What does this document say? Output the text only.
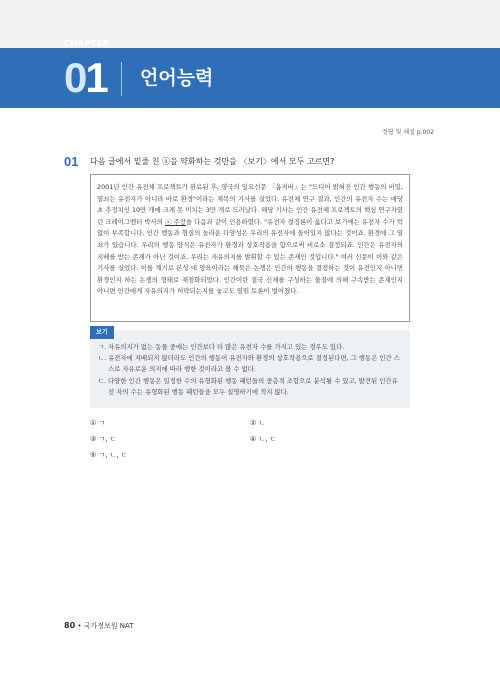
CHAPTER
01 언어능력
정답 및 해설 p.002
01 다음 글에서 밑줄 친 ⓐ을 약화하는 것만을 〈보기〉에서 모두 고르면?
2001년 인간 유전체 프로젝트가 완료된 후, 영국의 일요신문 「옵저버」는 "드디어 밝혀진 인간 행동의 비밀, 열쇠는 유전자가 아니라 바로 환경"이라는 제목의 기사를 실었다. 유전체 연구 결과, 인간의 유전자 수는 애당초 추정치인 10만 개에 크게 못 미치는 3만 개로 드러났다. 해당 기사는 인간 유전체 프로젝트의 핵심 연구자였던 크레이그벤터 박사의 ⓐ 주장을 다음과 같이 인용하였다. "유전자 결정론이 옳다고 보기에는 유전자 수가 턱없이 부족합니다. 인간 행동과 형질의 놀라운 다양성은 우리의 유전자에 들어있지 않다는 것이죠. 환경에 그 열쇠가 있습니다. 우리의 행동 양식은 유전자가 환경과 상호작용을 함으로써 비로소 결정되죠. 인간은 유전자의 지배를 받는 존재가 아닌 것이죠. 우리는 자유의지를 발휘할 수 있는 존재인 것입니다." 여러 신문이 이와 같은 기사를 실었다. 이를 계기로 본성 대 양육이라는 해묵은 논쟁은 인간의 행동을 결정하는 것이 유전인지 아니면 환경인지 하는 논쟁의 형태로 재점화되었다. 인간이란 결국 신체를 구성하는 물질에 의해 구속받는 존재인지 아니면 인간에게 자유의지가 허락되는지를 놓고도 열띤 토론이 벌어졌다.
보기
ㄱ. 자유의지가 없는 동물 중에는 인간보다 더 많은 유전자 수를 가지고 있는 경우도 있다.
ㄴ. 유전자에 지배되지 않더라도 인간의 행동이 유전자와 환경의 상호작용으로 결정된다면, 그 행동은 인간 스스로 자유로운 의지에 따라 행한 것이라고 볼 수 없다.
ㄷ. 다양한 인간 행동은 일정한 수의 유형화된 행동 패턴들의 중층적 조합으로 분석될 수 있고, 발견된 인간유전 자의 수는 유형화된 행동 패턴들을 모두 설명하기에 적지 않다.
① ㄱ	② ㄴ
③ ㄱ, ㄷ	④ ㄴ, ㄷ
⑤ ㄱ, ㄴ, ㄷ
80 • 국가정보원 NAT
